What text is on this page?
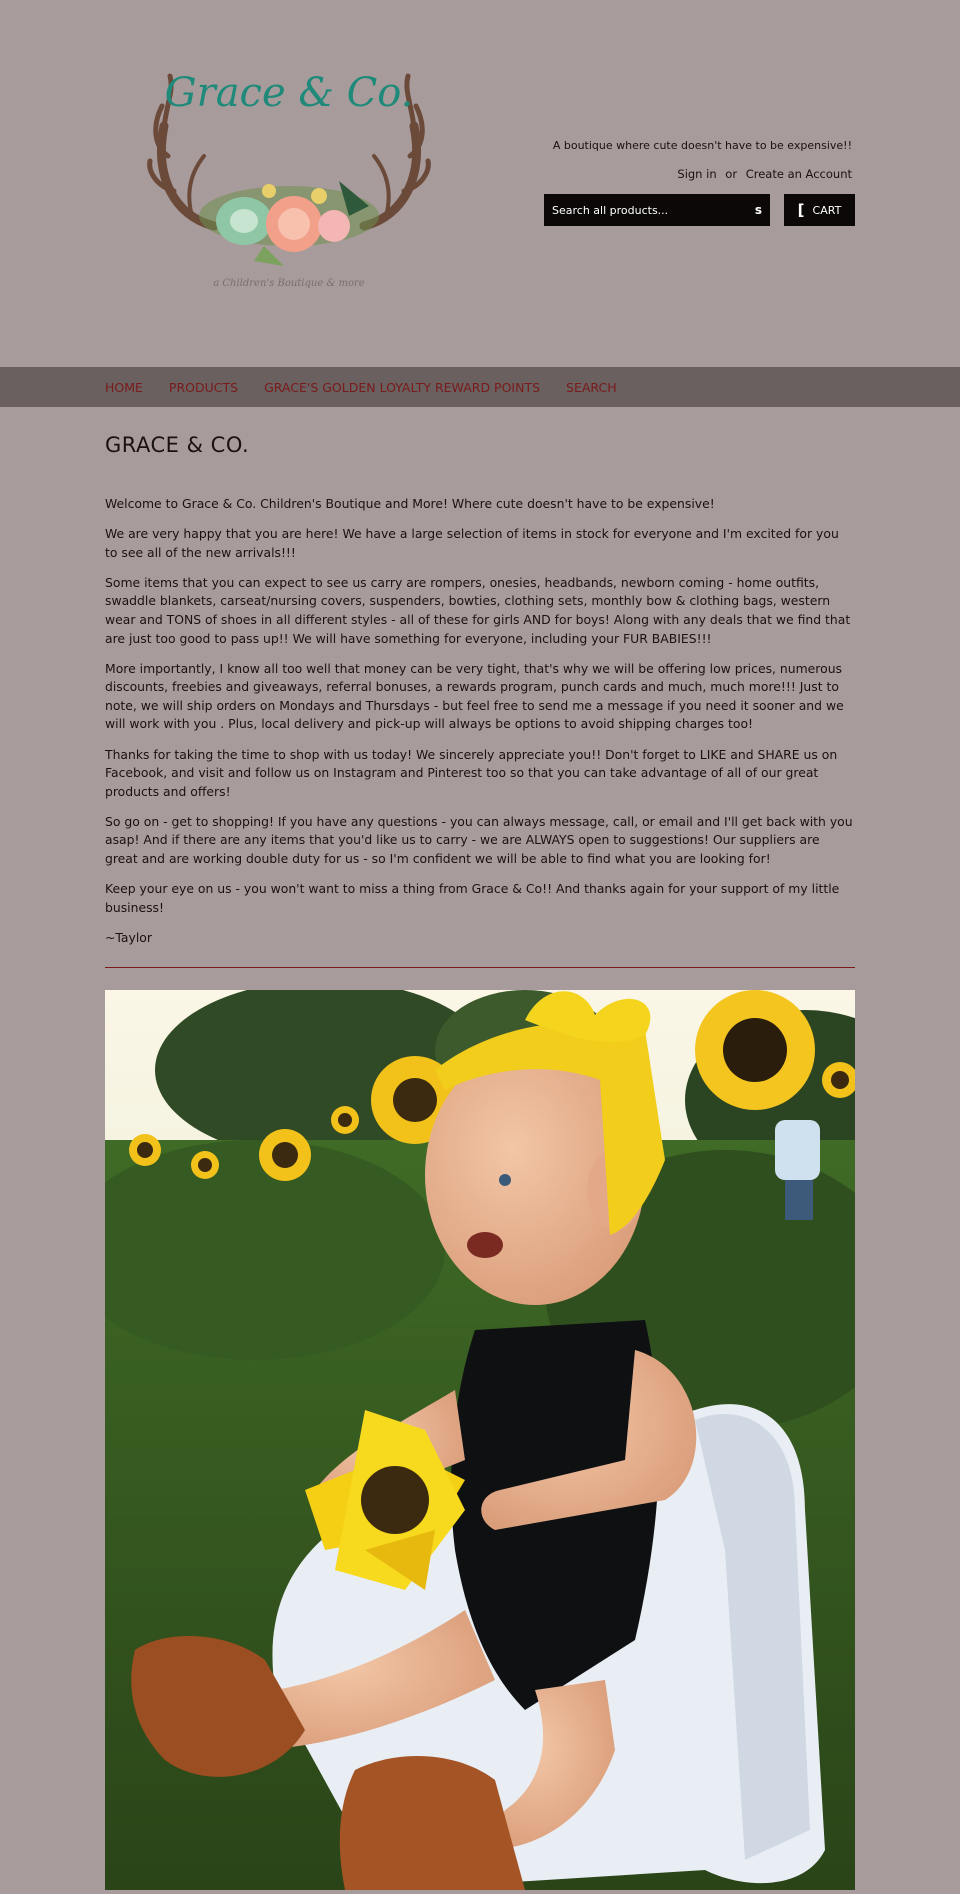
Grace & Co.
a Children's Boutique & more
A boutique where cute doesn't have to be expensive!!
Sign in or Create an Account
Search all products...
s [ CART
HOME PRODUCTS GRACE'S GOLDEN LOYALTY REWARD POINTS SEARCH
GRACE & CO.

Welcome to Grace & Co. Children's Boutique and More! Where cute doesn't have to be expensive!

We are very happy that you are here! We have a large selection of items in stock for everyone and I'm excited for you to see all of the new arrivals!!!

Some items that you can expect to see us carry are rompers, onesies, headbands, newborn coming - home outfits, swaddle blankets, carseat/nursing covers, suspenders, bowties, clothing sets, monthly bow & clothing bags, western wear and TONS of shoes in all different styles - all of these for girls AND for boys! Along with any deals that we find that are just too good to pass up!! We will have something for everyone, including your FUR BABIES!!!

More importantly, I know all too well that money can be very tight, that's why we will be offering low prices, numerous discounts, freebies and giveaways, referral bonuses, a rewards program, punch cards and much, much more!!! Just to note, we will ship orders on Mondays and Thursdays - but feel free to send me a message if you need it sooner and we will work with you . Plus, local delivery and pick-up will always be options to avoid shipping charges too!

Thanks for taking the time to shop with us today! We sincerely appreciate you!! Don't forget to LIKE and SHARE us on Facebook, and visit and follow us on Instagram and Pinterest too so that you can take advantage of all of our great products and offers!

So go on - get to shopping! If you have any questions - you can always message, call, or email and I'll get back with you asap! And if there are any items that you'd like us to carry - we are ALWAYS open to suggestions! Our suppliers are great and are working double duty for us - so I'm confident we will be able to find what you are looking for!

Keep your eye on us - you won't want to miss a thing from Grace & Co!! And thanks again for your support of my little business!

~Taylor
